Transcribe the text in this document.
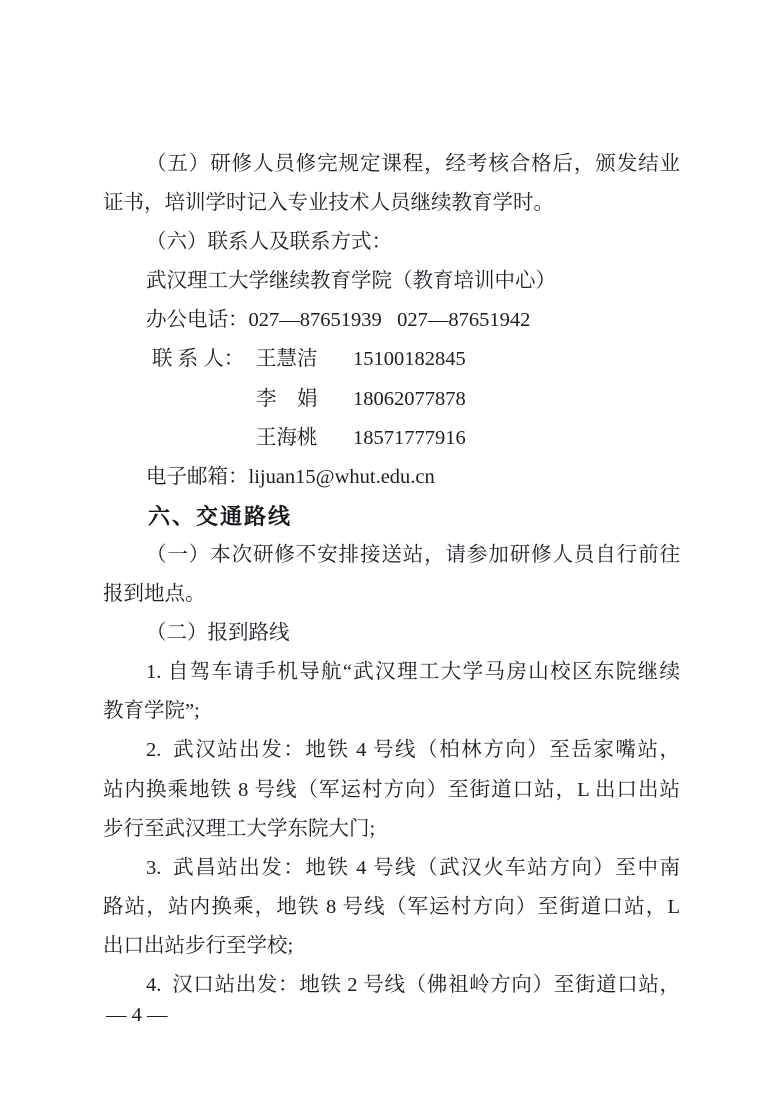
（五）研修人员修完规定课程，经考核合格后，颁发结业
证书，培训学时记入专业技术人员继续教育学时。
（六）联系人及联系方式：
武汉理工大学继续教育学院（教育培训中心）
办公电话：027—87651939  027—87651942
联 系 人： 王慧洁 15100182845
李　娟 18062077878
王海桃 18571777916
电子邮箱：lijuan15@whut.edu.cn
六、交通路线
（一）本次研修不安排接送站，请参加研修人员自行前往
报到地点。
（二）报到路线
1. 自驾车请手机导航“武汉理工大学马房山校区东院继续
教育学院”;
2. 武汉站出发：地铁 4 号线（柏林方向）至岳家嘴站，
站内换乘地铁 8 号线（军运村方向）至街道口站，L 出口出站
步行至武汉理工大学东院大门;
3. 武昌站出发：地铁 4 号线（武汉火车站方向）至中南
路站，站内换乘，地铁 8 号线（军运村方向）至街道口站，L
出口出站步行至学校;
4. 汉口站出发：地铁 2 号线（佛祖岭方向）至街道口站，
— 4 —
